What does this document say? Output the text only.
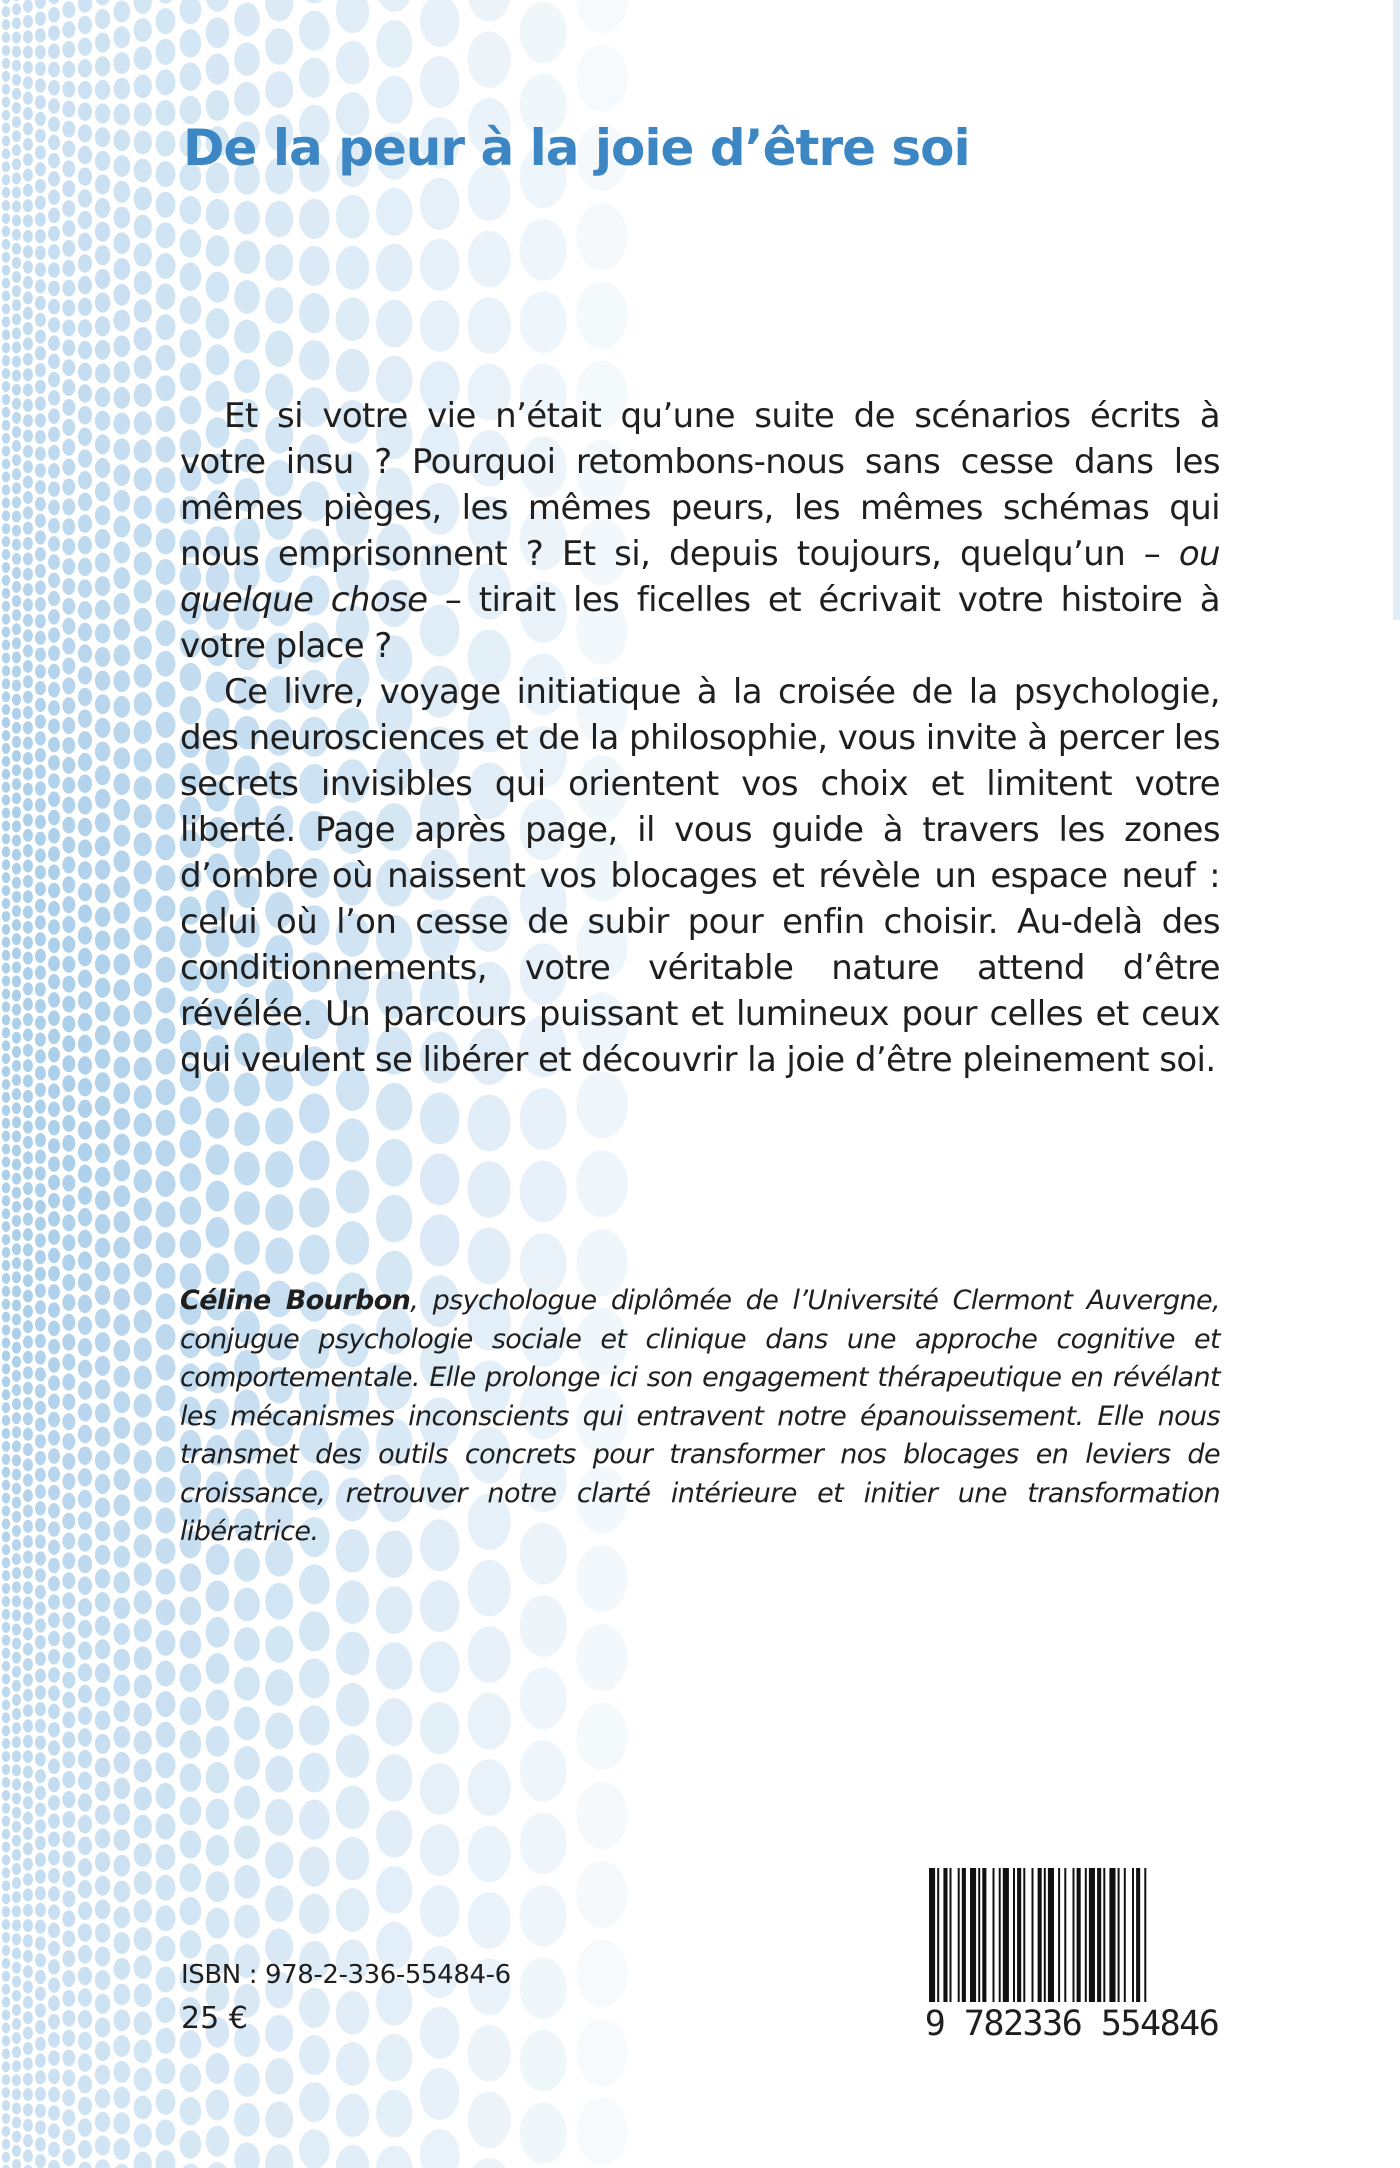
De la peur à la joie d’être soi

Et si votre vie n’était qu’une suite de scénarios écrits à votre insu ? Pourquoi retombons-nous sans cesse dans les mêmes pièges, les mêmes peurs, les mêmes schémas qui nous emprisonnent ? Et si, depuis toujours, quelqu’un – ou quelque chose – tirait les ficelles et écrivait votre histoire à votre place ?

Ce livre, voyage initiatique à la croisée de la psychologie, des neurosciences et de la philosophie, vous invite à percer les secrets invisibles qui orientent vos choix et limitent votre liberté. Page après page, il vous guide à travers les zones d’ombre où naissent vos blocages et révèle un espace neuf : celui où l’on cesse de subir pour enfin choisir. Au-delà des conditionnements, votre véritable nature attend d’être révélée. Un parcours puissant et lumineux pour celles et ceux qui veulent se libérer et découvrir la joie d’être pleinement soi.

Céline Bourbon, psychologue diplômée de l’Université Clermont Auvergne, conjugue psychologie sociale et clinique dans une approche cognitive et comportementale. Elle prolonge ici son engagement thérapeutique en révélant les mécanismes inconscients qui entravent notre épanouissement. Elle nous transmet des outils concrets pour transformer nos blocages en leviers de croissance, retrouver notre clarté intérieure et initier une transformation libératrice.

ISBN : 978-2-336-55484-6
25 €	9 782336 554846
